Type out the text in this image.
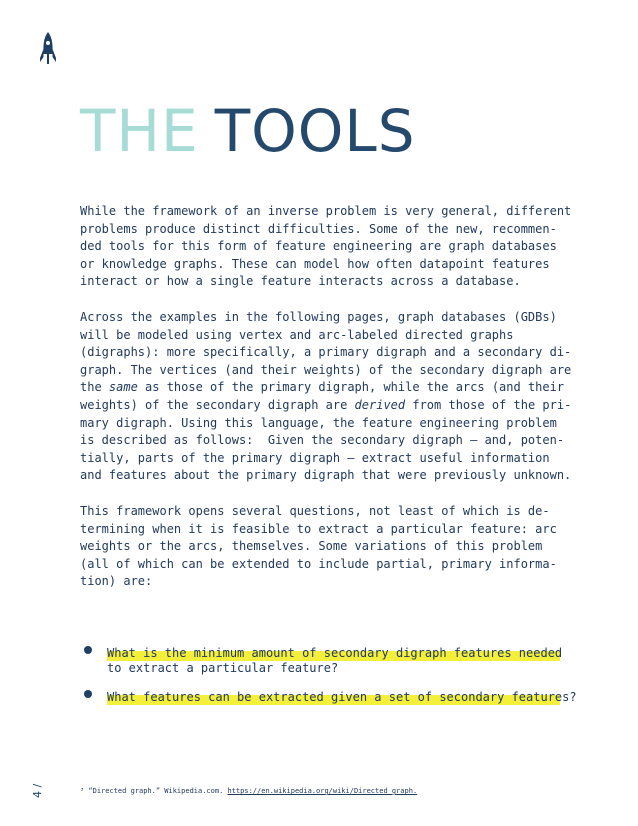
THE TOOLS
While the framework of an inverse problem is very general, different
problems produce distinct difficulties. Some of the new, recommen-
ded tools for this form of feature engineering are graph databases
or knowledge graphs. These can model how often datapoint features
interact or how a single feature interacts across a database.
Across the examples in the following pages, graph databases (GDBs)
will be modeled using vertex and arc-labeled directed graphs
(digraphs): more specifically, a primary digraph and a secondary di-
graph. The vertices (and their weights) of the secondary digraph are
the same as those of the primary digraph, while the arcs (and their
weights) of the secondary digraph are derived from those of the pri-
mary digraph. Using this language, the feature engineering problem
is described as follows:  Given the secondary digraph – and, poten-
tially, parts of the primary digraph – extract useful information
and features about the primary digraph that were previously unknown.
This framework opens several questions, not least of which is de-
termining when it is feasible to extract a particular feature: arc
weights or the arcs, themselves. Some variations of this problem
(all of which can be extended to include partial, primary informa-
tion) are:
What is the minimum amount of secondary digraph features needed
to extract a particular feature?
What features can be extracted given a set of secondary features?
4 /	³ “Directed graph.” Wikipedia.com. https://en.wikipedia.org/wiki/Directed_graph.
